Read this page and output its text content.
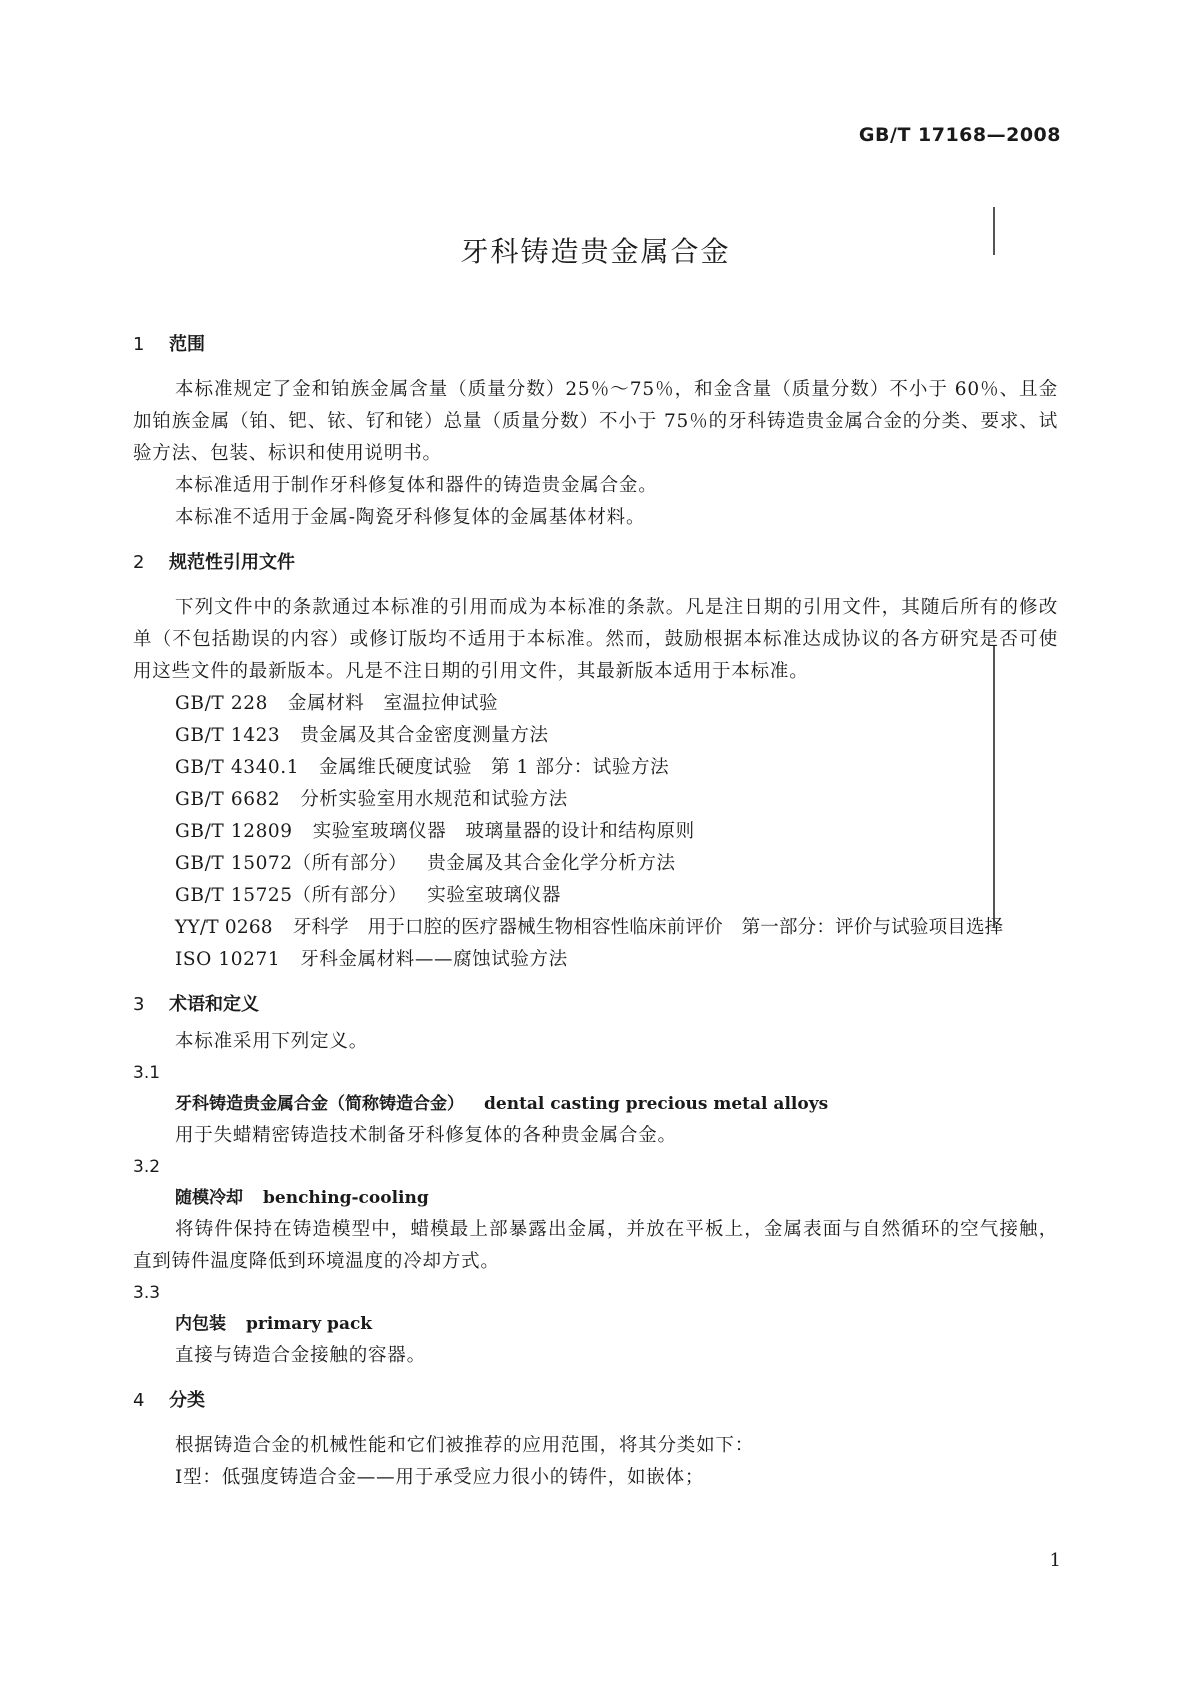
GB/T 17168—2008
牙科铸造贵金属合金
1 范围

本标准规定了金和铂族金属含量（质量分数）25％～75％，和金含量（质量分数）不小于 60％、且金加铂族金属（铂、钯、铱、钌和铑）总量（质量分数）不小于 75％的牙科铸造贵金属合金的分类、要求、试验方法、包装、标识和使用说明书。

本标准适用于制作牙科修复体和器件的铸造贵金属合金。

本标准不适用于金属-陶瓷牙科修复体的金属基体材料。

2 规范性引用文件

下列文件中的条款通过本标准的引用而成为本标准的条款。凡是注日期的引用文件，其随后所有的修改单（不包括勘误的内容）或修订版均不适用于本标准。然而，鼓励根据本标准达成协议的各方研究是否可使用这些文件的最新版本。凡是不注日期的引用文件，其最新版本适用于本标准。

GB/T 228 金属材料　室温拉伸试验

GB/T 1423 贵金属及其合金密度测量方法

GB/T 4340.1 金属维氏硬度试验　第 1 部分：试验方法

GB/T 6682 分析实验室用水规范和试验方法

GB/T 12809 实验室玻璃仪器　玻璃量器的设计和结构原则

GB/T 15072（所有部分） 贵金属及其合金化学分析方法

GB/T 15725（所有部分） 实验室玻璃仪器

YY/T 0268 牙科学　用于口腔的医疗器械生物相容性临床前评价　第一部分：评价与试验项目选择

ISO 10271 牙科金属材料——腐蚀试验方法

3 术语和定义

本标准采用下列定义。

3.1

牙科铸造贵金属合金（简称铸造合金） dental casting precious metal alloys

用于失蜡精密铸造技术制备牙科修复体的各种贵金属合金。

3.2

随模冷却 benching-cooling

将铸件保持在铸造模型中，蜡模最上部暴露出金属，并放在平板上，金属表面与自然循环的空气接触，直到铸件温度降低到环境温度的冷却方式。

3.3

内包装 primary pack

直接与铸造合金接触的容器。

4 分类

根据铸造合金的机械性能和它们被推荐的应用范围，将其分类如下：

Ⅰ型：低强度铸造合金——用于承受应力很小的铸件，如嵌体；

1
